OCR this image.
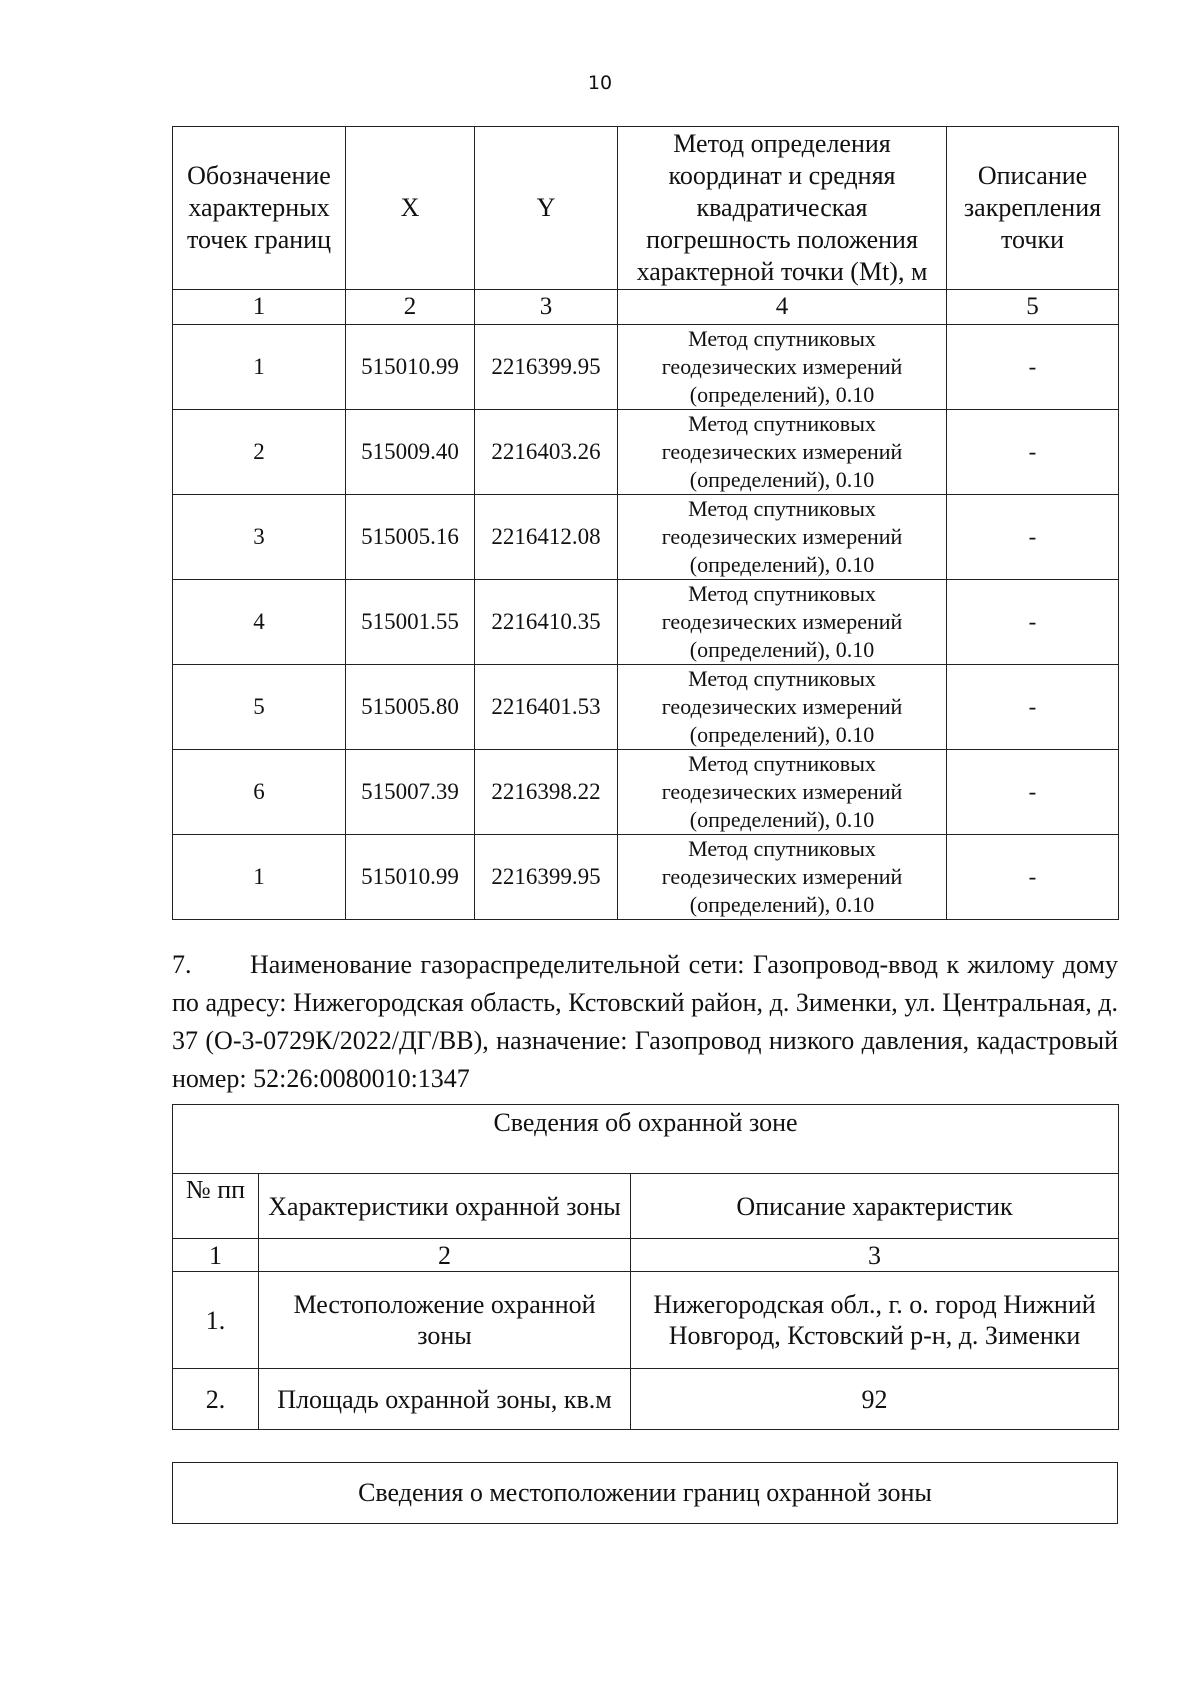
10
Обозначение характерных точек границ	X	Y	Метод определения координат и средняя квадратическая погрешность положения характерной точки (Mt), м	Описание закрепления точки
1	2	3	4	5
1	515010.99	2216399.95	Метод спутниковых геодезических измерений (определений), 0.10	-
2	515009.40	2216403.26	Метод спутниковых геодезических измерений (определений), 0.10	-
3	515005.16	2216412.08	Метод спутниковых геодезических измерений (определений), 0.10	-
4	515001.55	2216410.35	Метод спутниковых геодезических измерений (определений), 0.10	-
5	515005.80	2216401.53	Метод спутниковых геодезических измерений (определений), 0.10	-
6	515007.39	2216398.22	Метод спутниковых геодезических измерений (определений), 0.10	-
1	515010.99	2216399.95	Метод спутниковых геодезических измерений (определений), 0.10	-

7. Наименование газораспределительной сети: Газопровод-ввод к жилому дому по адресу: Нижегородская область, Кстовский район, д. Зименки, ул. Центральная, д. 37 (О-3-0729К/2022/ДГ/ВВ), назначение: Газопровод низкого давления, кадастровый номер: 52:26:0080010:1347

Сведения об охранной зоне		
№ пп	Характеристики охранной зоны	Описание характеристик
1	2	3
1.	Местоположение охранной зоны	Нижегородская обл., г. о. город Нижний Новгород, Кстовский р-н, д. Зименки
2.	Площадь охранной зоны, кв.м	92
Сведения о местоположении границ охранной зоны
